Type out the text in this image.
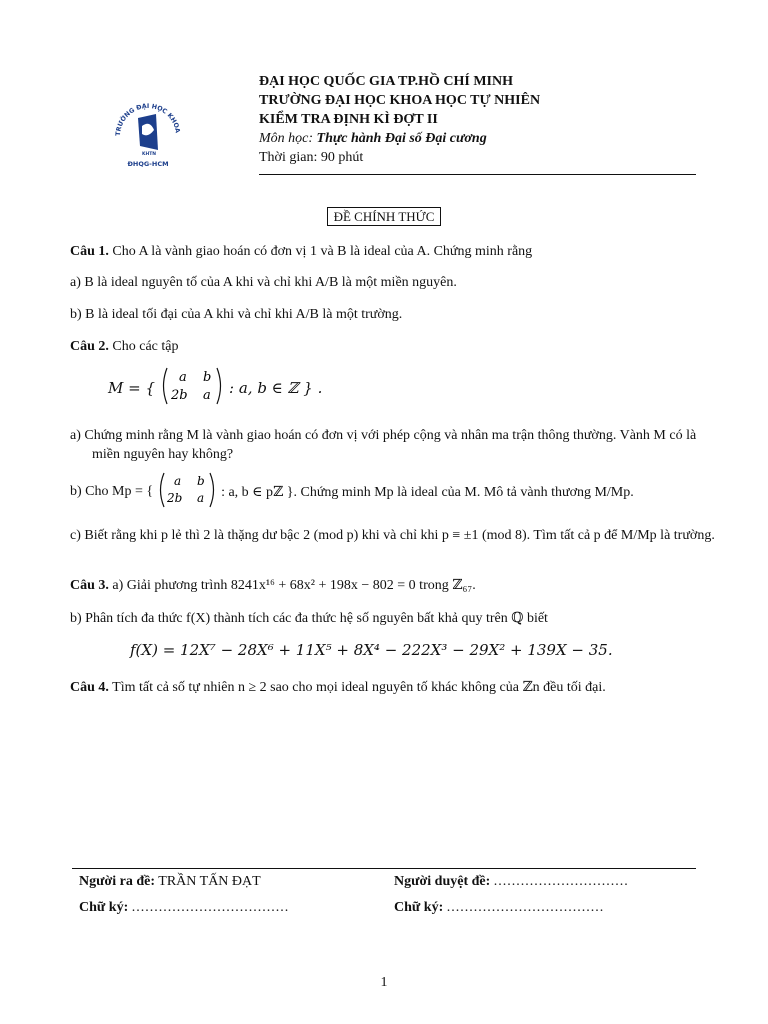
TRƯỜNG ĐẠI HỌC KHOA
KHTN
ĐHQG-HCM
ĐẠI HỌC QUỐC GIA TP.HỒ CHÍ MINH
TRƯỜNG ĐẠI HỌC KHOA HỌC TỰ NHIÊN
KIỂM TRA ĐỊNH KÌ ĐỢT II
Môn học: Thực hành Đại số Đại cương
Thời gian: 90 phút
ĐỀ CHÍNH THỨC
Câu 1. Cho A là vành giao hoán có đơn vị 1 và B là ideal của A. Chứng minh rằng
a) B là ideal nguyên tố của A khi và chỉ khi A/B là một miền nguyên.
b) B là ideal tối đại của A khi và chỉ khi A/B là một trường.
Câu 2. Cho các tập
M = {
a b
2b a : a, b ∈ ℤ } .
a) Chứng minh rằng M là vành giao hoán có đơn vị với phép cộng và nhân ma trận thông thường. Vành M có là miền nguyên hay không?
b) Cho Mp = {
a b
2b a : a, b ∈ pℤ }. Chứng minh Mp là ideal của M. Mô tả vành thương M/Mp.
c) Biết rằng khi p lẻ thì 2 là thặng dư bậc 2 (mod p) khi và chỉ khi p ≡ ±1 (mod 8). Tìm tất cả p để M/Mp là trường.
Câu 3. a) Giải phương trình 8241x¹⁶ + 68x² + 198x − 802 = 0 trong ℤ₆₇.
b) Phân tích đa thức f(X) thành tích các đa thức hệ số nguyên bất khả quy trên ℚ biết
f(X) = 12X⁷ − 28X⁶ + 11X⁵ + 8X⁴ − 222X³ − 29X² + 139X − 35.
Câu 4. Tìm tất cả số tự nhiên n ≥ 2 sao cho mọi ideal nguyên tố khác không của ℤn đều tối đại.
Người ra đề: TRẦN TẤN ĐẠT	Người duyệt đề: ..............................
Chữ ký: ...................................	Chữ ký: ...................................
1
